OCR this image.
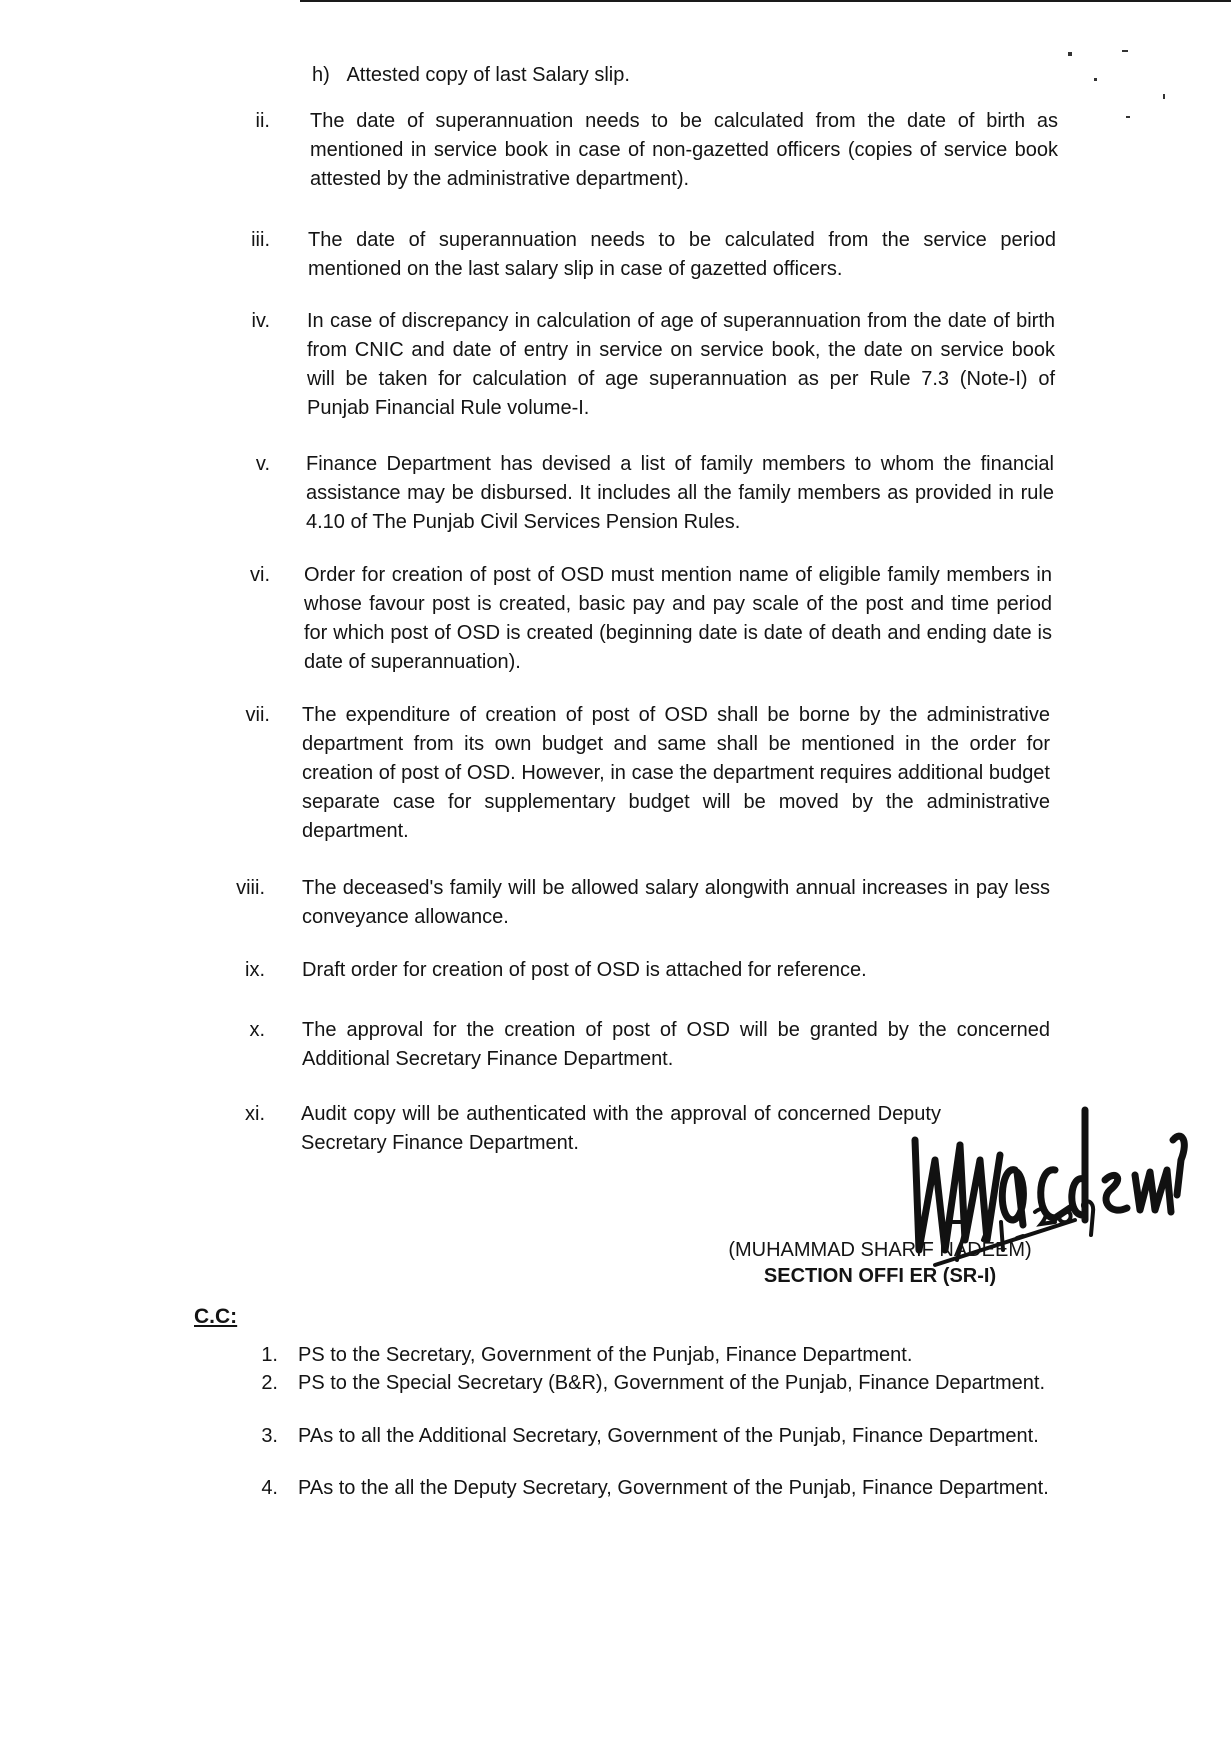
h) Attested copy of last Salary slip.
ii. The date of superannuation needs to be calculated from the date of birth as mentioned in service book in case of non-gazetted officers (copies of service book attested by the administrative department).
iii. The date of superannuation needs to be calculated from the service period mentioned on the last salary slip in case of gazetted officers.
iv. In case of discrepancy in calculation of age of superannuation from the date of birth from CNIC and date of entry in service on service book, the date on service book will be taken for calculation of age superannuation as per Rule 7.3 (Note-I) of Punjab Financial Rule volume-I.
v. Finance Department has devised a list of family members to whom the financial assistance may be disbursed. It includes all the family members as provided in rule 4.10 of The Punjab Civil Services Pension Rules.
vi. Order for creation of post of OSD must mention name of eligible family members in whose favour post is created, basic pay and pay scale of the post and time period for which post of OSD is created (beginning date is date of death and ending date is date of superannuation).
vii. The expenditure of creation of post of OSD shall be borne by the administrative department from its own budget and same shall be mentioned in the order for creation of post of OSD. However, in case the department requires additional budget separate case for supplementary budget will be moved by the administrative department.
viii. The deceased's family will be allowed salary alongwith annual increases in pay less conveyance allowance.
ix. Draft order for creation of post of OSD is attached for reference.
x. The approval for the creation of post of OSD will be granted by the concerned Additional Secretary Finance Department.
xi. Audit copy will be authenticated with the approval of concerned Deputy Secretary Finance Department.
(MUHAMMAD SHARIF NADEEM)
SECTION OFFI ER (SR-I)
C.C:
1. PS to the Secretary, Government of the Punjab, Finance Department.
2. PS to the Special Secretary (B&R), Government of the Punjab, Finance Department.
3. PAs to all the Additional Secretary, Government of the Punjab, Finance Department.
4. PAs to the all the Deputy Secretary, Government of the Punjab, Finance Department.
